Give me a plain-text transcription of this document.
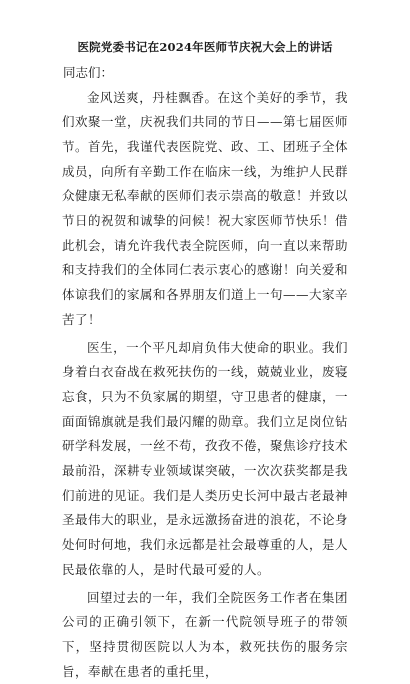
医院党委书记在2024年医师节庆祝大会上的讲话

同志们：

金风送爽，丹桂飘香。在这个美好的季节，我们欢聚一堂，庆祝我们共同的节日——第七届医师节。首先，我谨代表医院党、政、工、团班子全体成员，向所有辛勤工作在临床一线，为维护人民群众健康无私奉献的医师们表示崇高的敬意！并致以节日的祝贺和诚挚的问候！祝大家医师节快乐！借此机会，请允许我代表全院医师，向一直以来帮助和支持我们的全体同仁表示衷心的感谢！向关爱和体谅我们的家属和各界朋友们道上一句——大家辛苦了！

医生，一个平凡却肩负伟大使命的职业。我们身着白衣奋战在救死扶伤的一线，兢兢业业，废寝忘食，只为不负家属的期望，守卫患者的健康，一面面锦旗就是我们最闪耀的勋章。我们立足岗位钻研学科发展，一丝不苟，孜孜不倦，聚焦诊疗技术最前沿，深耕专业领域谋突破，一次次获奖都是我们前进的见证。我们是人类历史长河中最古老最神圣最伟大的职业，是永远激扬奋进的浪花，不论身处何时何地，我们永远都是社会最尊重的人，是人民最依靠的人，是时代最可爱的人。

回望过去的一年，我们全院医务工作者在集团公司的正确引领下，在新一代院领导班子的带领下，坚持贯彻医院以人为本，救死扶伤的服务宗旨，奉献在患者的重托里，
